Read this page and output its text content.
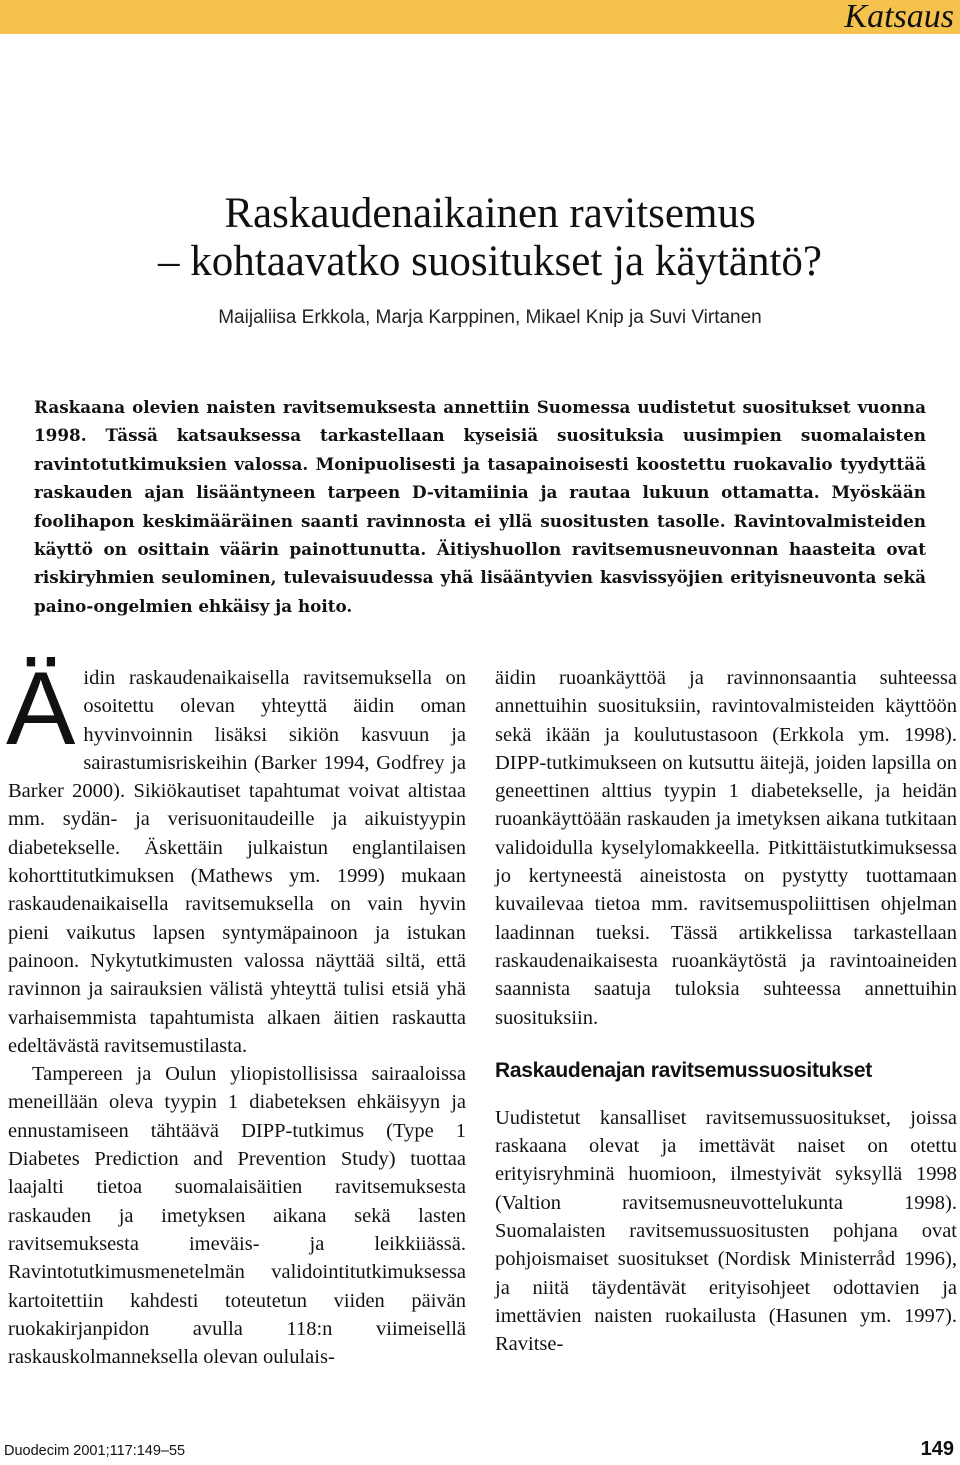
Katsaus
Raskaudenaikainen ravitsemus
– kohtaavatko suositukset ja käytäntö?
Maijaliisa Erkkola, Marja Karppinen, Mikael Knip ja Suvi Virtanen
Raskaana olevien naisten ravitsemuksesta annettiin Suomessa uudistetut suositukset vuonna 1998. Tässä katsauksessa tarkastellaan kyseisiä suosituksia uusimpien suomalaisten ravintotutkimuksien valossa. Monipuolisesti ja tasapainoisesti koostettu ruokavalio tyydyttää raskauden ajan lisääntyneen tarpeen D-vitamiinia ja rautaa lukuun ottamatta. Myöskään foolihapon keskimääräinen saanti ravinnosta ei yllä suositusten tasolle. Ravintovalmisteiden käyttö on osittain väärin painottunutta. Äitiyshuollon ravitsemusneuvonnan haasteita ovat riskiryhmien seulominen, tulevaisuudessa yhä lisääntyvien kasvissyöjien erityisneuvonta sekä paino-ongelmien ehkäisy ja hoito.
Ä idin raskaudenaikaisella ravitsemuksella on osoitettu olevan yhteyttä äidin oman hyvinvoinnin lisäksi sikiön kasvuun ja sairastumisriskeihin (Barker 1994, Godfrey ja Barker 2000). Sikiökautiset tapahtumat voivat altistaa mm. sydän- ja verisuonitaudeille ja aikuistyypin diabetekselle. Äskettäin julkaistun englantilaisen kohorttitutkimuksen (Mathews ym. 1999) mukaan raskaudenaikaisella ravitsemuksella on vain hyvin pieni vaikutus lapsen syntymäpainoon ja istukan painoon. Nykytutkimusten valossa näyttää siltä, että ravinnon ja sairauksien välistä yhteyttä tulisi etsiä yhä varhaisemmista tapahtumista alkaen äitien raskautta edeltävästä ravitsemustilasta.

Tampereen ja Oulun yliopistollisissa sairaaloissa meneillään oleva tyypin 1 diabeteksen ehkäisyyn ja ennustamiseen tähtäävä DIPP-tutkimus (Type 1 Diabetes Prediction and Prevention Study) tuottaa laajalti tietoa suomalaisäitien ravitsemuksesta raskauden ja imetyksen aikana sekä lasten ravitsemuksesta imeväis- ja leikkiiässä. Ravintotutkimusmenetelmän validointitutkimuksessa kartoitettiin kahdesti toteutetun viiden päivän ruokakirjanpidon avulla 118:n viimeisellä raskauskolmanneksella olevan oululais-

äidin ruoankäyttöä ja ravinnonsaantia suhteessa annettuihin suosituksiin, ravintovalmisteiden käyttöön sekä ikään ja koulutustasoon (Erkkola ym. 1998). DIPP-tutkimukseen on kutsuttu äitejä, joiden lapsilla on geneettinen alttius tyypin 1 diabetekselle, ja heidän ruoankäyttöään raskauden ja imetyksen aikana tutkitaan validoidulla kyselylomakkeella. Pitkittäistutkimuksessa jo kertyneestä aineistosta on pystytty tuottamaan kuvailevaa tietoa mm. ravitsemuspoliittisen ohjelman laadinnan tueksi. Tässä artikkelissa tarkastellaan raskaudenaikaisesta ruoankäytöstä ja ravintoaineiden saannista saatuja tuloksia suhteessa annettuihin suosituksiin.

Raskaudenajan ravitsemussuositukset

Uudistetut kansalliset ravitsemussuositukset, joissa raskaana olevat ja imettävät naiset on otettu erityisryhminä huomioon, ilmestyivät syksyllä 1998 (Valtion ravitsemusneuvottelukunta 1998). Suomalaisten ravitsemussuositusten pohjana ovat pohjoismaiset suositukset (Nordisk Ministerråd 1996), ja niitä täydentävät erityisohjeet odottavien ja imettävien naisten ruokailusta (Hasunen ym. 1997). Ravitse-

Duodecim 2001;117:149–55	149
